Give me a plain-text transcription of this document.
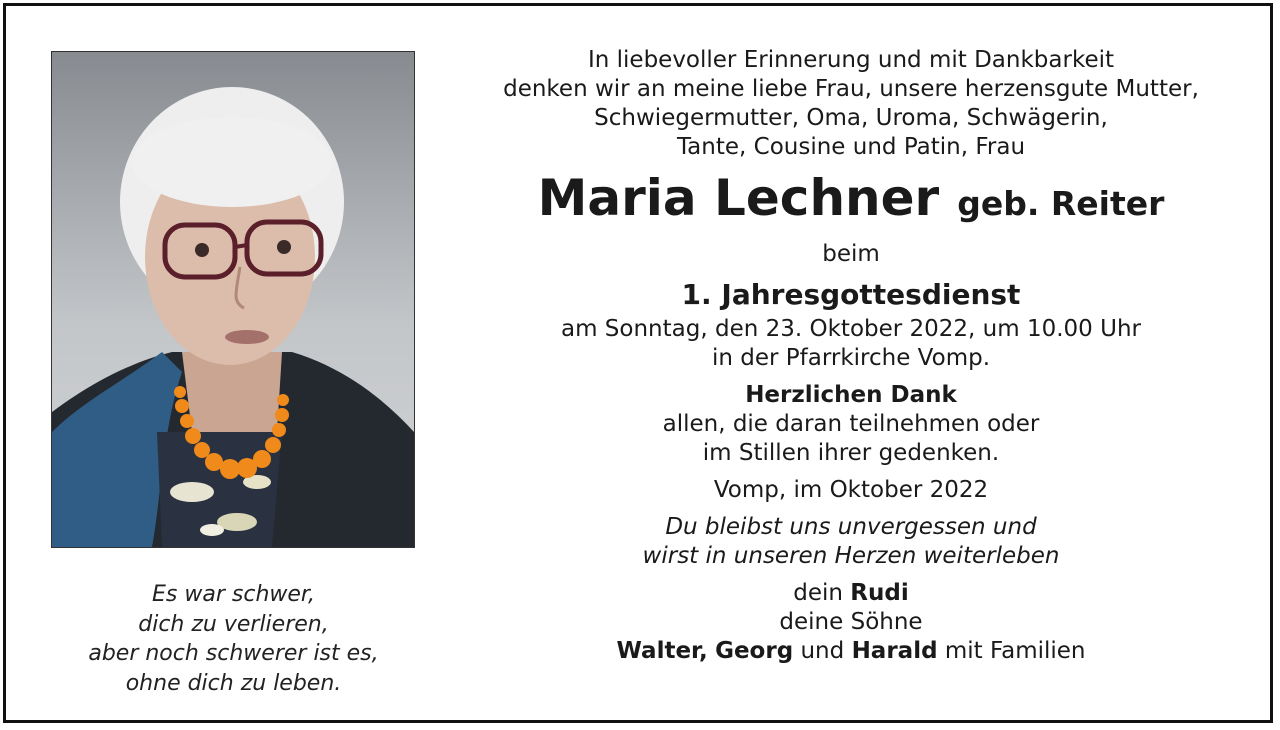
Es war schwer,
dich zu verlieren,
aber noch schwerer ist es,
ohne dich zu leben.
In liebevoller Erinnerung und mit Dankbarkeit
denken wir an meine liebe Frau, unsere herzensgute Mutter,
Schwiegermutter, Oma, Uroma, Schwägerin,
Tante, Cousine und Patin, Frau
Maria Lechner geb. Reiter
beim
1. Jahresgottesdienst
am Sonntag, den 23. Oktober 2022, um 10.00 Uhr
in der Pfarrkirche Vomp.
Herzlichen Dank
allen, die daran teilnehmen oder
im Stillen ihrer gedenken.
Vomp, im Oktober 2022
Du bleibst uns unvergessen und
wirst in unseren Herzen weiterleben
dein Rudi
deine Söhne
Walter, Georg und Harald mit Familien
